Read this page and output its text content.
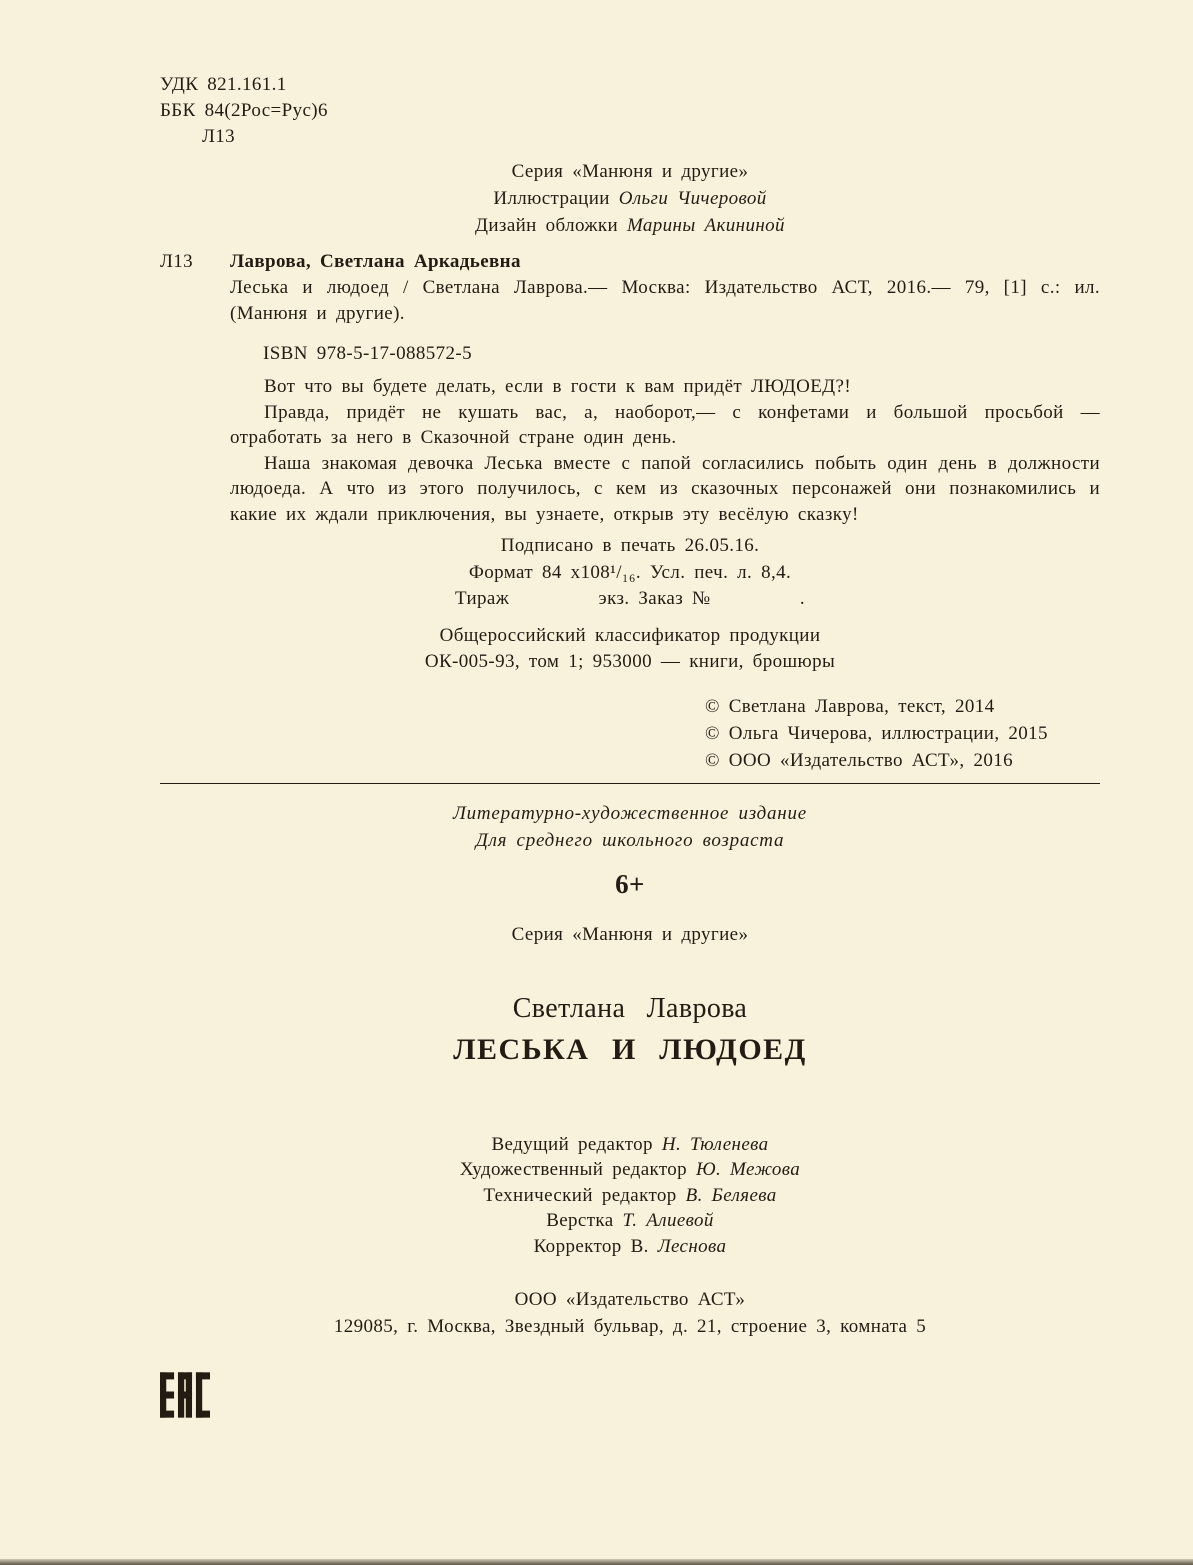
УДК 821.161.1
ББК 84(2Рос=Рус)6
Л13
Серия «Манюня и другие»
Иллюстрации Ольги Чичеровой
Дизайн обложки Марины Акининой
Л13	Лаврова, Светлана Аркадьевна
Леська и людоед / Светлана Лаврова.— Москва: Издательство АСТ, 2016.— 79, [1] с.: ил. (Манюня и другие).
ISBN 978-5-17-088572-5

Вот что вы будете делать, если в гости к вам придёт ЛЮДОЕД?!

Правда, придёт не кушать вас, а, наоборот,— с конфетами и большой просьбой — отработать за него в Сказочной стране один день.

Наша знакомая девочка Леська вместе с папой согласились побыть один день в должности людоеда. А что из этого получилось, с кем из сказочных персонажей они познакомились и какие их ждали приключения, вы узнаете, открыв эту весёлую сказку!

Подписано в печать 26.05.16.
Формат 84 х108¹/₁₆. Усл. печ. л. 8,4.
Тираж          экз. Заказ №          .
Общероссийский классификатор продукции
ОК-005-93, том 1; 953000 — книги, брошюры
© Светлана Лаврова, текст, 2014
© Ольга Чичерова, иллюстрации, 2015
© ООО «Издательство АСТ», 2016
Литературно-художественное издание
Для среднего школьного возраста
6+
Серия «Манюня и другие»
Светлана Лаврова
ЛЕСЬКА И ЛЮДОЕД
Ведущий редактор Н. Тюленева
Художественный редактор Ю. Межова
Технический редактор В. Беляева
Верстка Т. Алиевой
Корректор В. Леснова
ООО «Издательство АСТ»
129085, г. Москва, Звездный бульвар, д. 21, строение 3, комната 5
